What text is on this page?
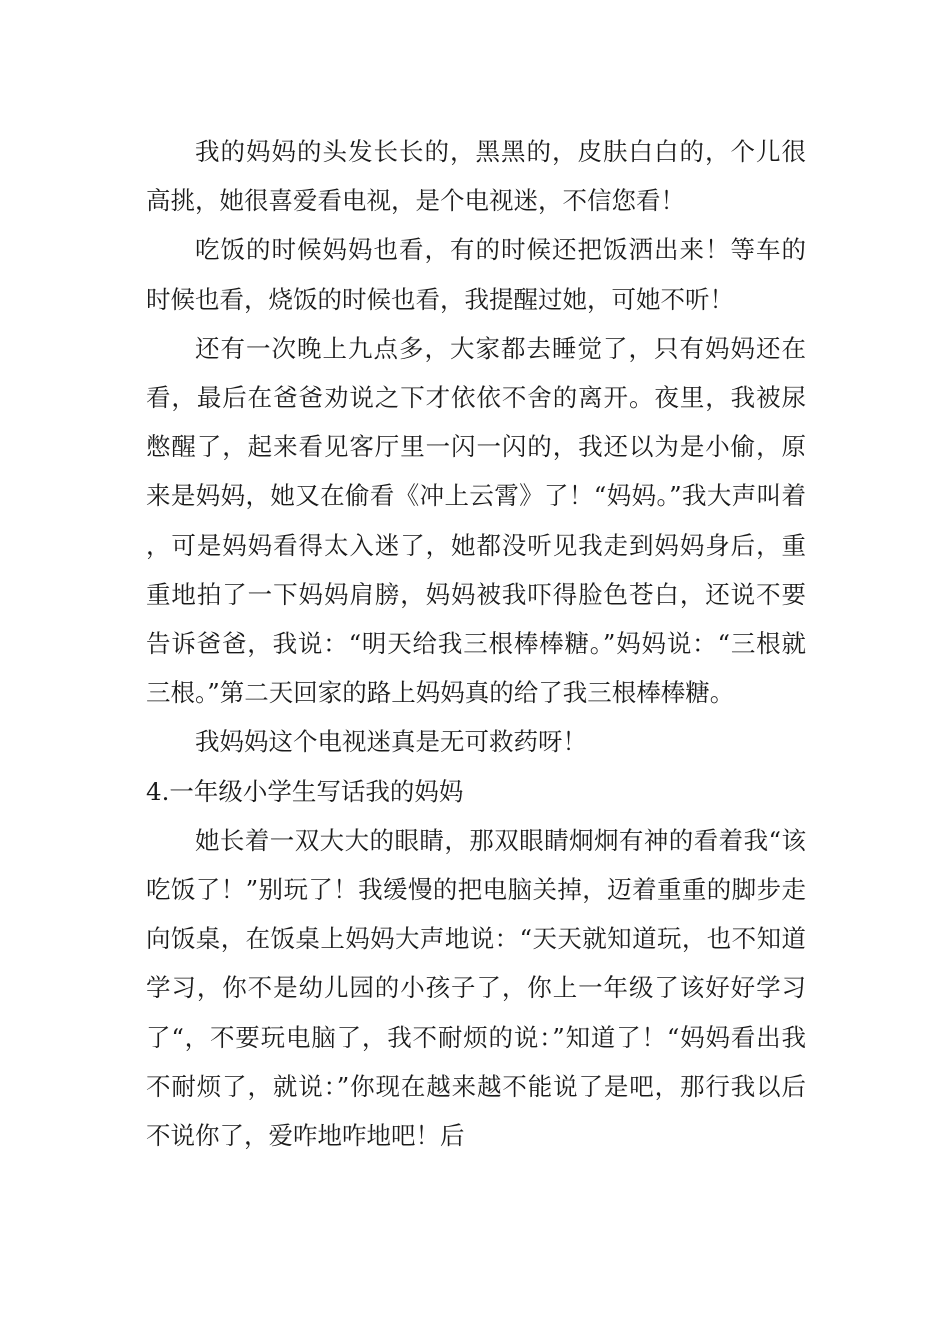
我的妈妈的头发长长的，黑黑的，皮肤白白的，个儿很高挑，她很喜爱看电视，是个电视迷，不信您看！

吃饭的时候妈妈也看，有的时候还把饭洒出来！等车的时候也看，烧饭的时候也看，我提醒过她，可她不听！

还有一次晚上九点多，大家都去睡觉了，只有妈妈还在看，最后在爸爸劝说之下才依依不舍的离开。夜里，我被尿憋醒了，起来看见客厅里一闪一闪的，我还以为是小偷，原来是妈妈，她又在偷看《冲上云霄》了！“妈妈。”我大声叫着，可是妈妈看得太入迷了，她都没听见我走到妈妈身后，重重地拍了一下妈妈肩膀，妈妈被我吓得脸色苍白，还说不要告诉爸爸，我说：“明天给我三根棒棒糖。”妈妈说：“三根就三根。”第二天回家的路上妈妈真的给了我三根棒棒糖。

我妈妈这个电视迷真是无可救药呀！

4.一年级小学生写话我的妈妈

她长着一双大大的眼睛，那双眼睛炯炯有神的看着我“该吃饭了！”别玩了！我缓慢的把电脑关掉，迈着重重的脚步走向饭桌，在饭桌上妈妈大声地说：“天天就知道玩，也不知道学习，你不是幼儿园的小孩子了，你上一年级了该好好学习了“，不要玩电脑了，我不耐烦的说：”知道了！“妈妈看出我不耐烦了，就说：”你现在越来越不能说了是吧，那行我以后不说你了，爱咋地咋地吧！后
